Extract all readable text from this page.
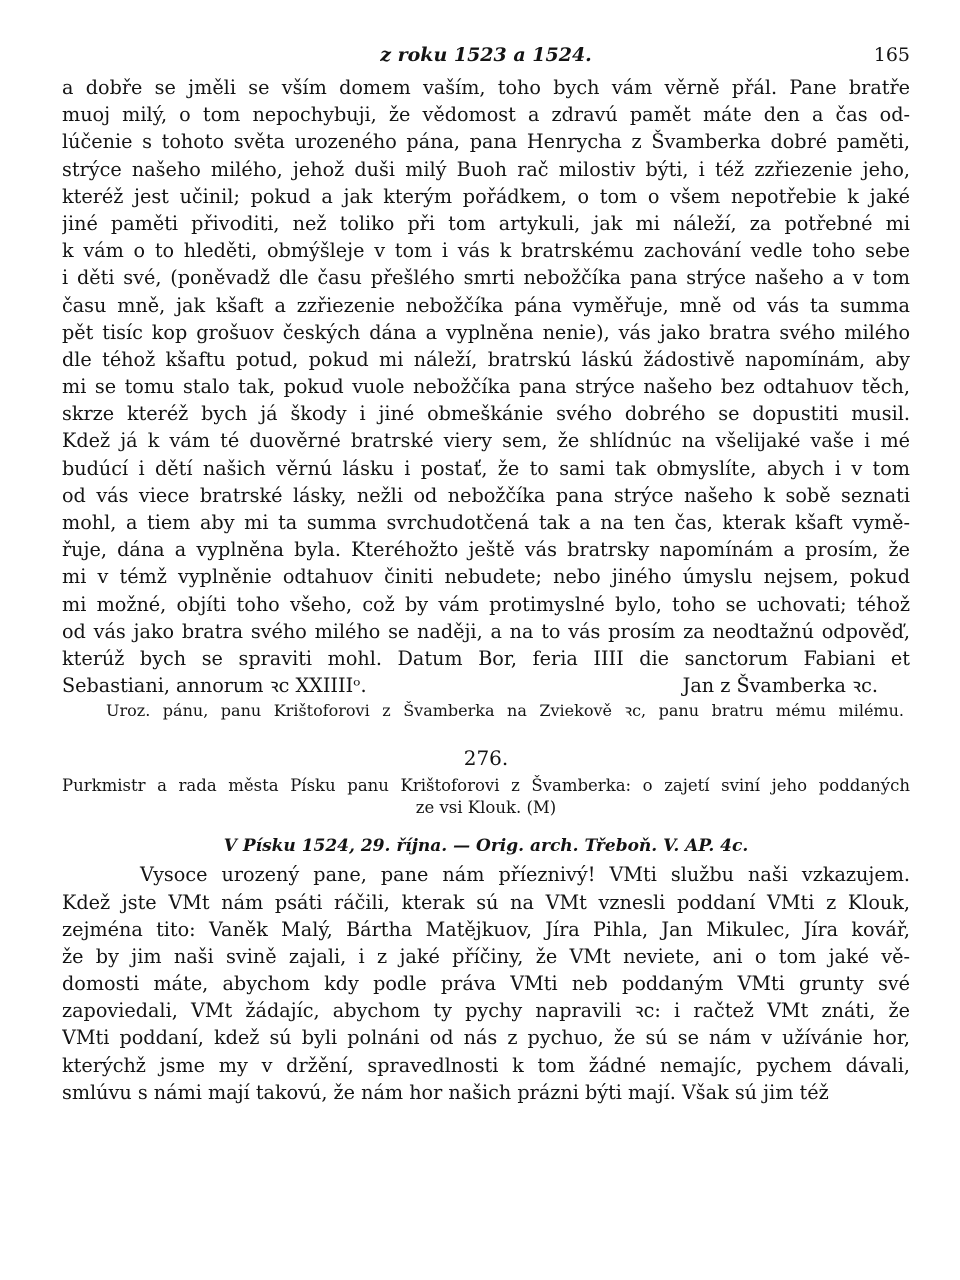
z roku 1523 a 1524.	165
a dobře se jměli se vším domem vaším, toho bych vám věrně přál. Pane bratře
muoj milý, o tom nepochybuji, že vědomost a zdravú pamět máte den a čas od-
lúčenie s tohoto světa urozeného pána, pana Henrycha z Švamberka dobré paměti,
strýce našeho milého, jehož duši milý Buoh rač milostiv býti, i též zzřiezenie jeho,
kteréž jest učinil; pokud a jak kterým pořádkem, o tom o všem nepotřebie k jaké
jiné paměti přivoditi, než toliko při tom artykuli, jak mi náleží, za potřebné mi
k vám o to hleděti, obmýšleje v tom i vás k bratrskému zachování vedle toho sebe
i děti své, (poněvadž dle času přešlého smrti nebožčíka pana strýce našeho a v tom
času mně, jak kšaft a zzřiezenie nebožčíka pána vyměřuje, mně od vás ta summa
pět tisíc kop grošuov českých dána a vyplněna nenie), vás jako bratra svého milého
dle téhož kšaftu potud, pokud mi náleží, bratrskú láskú žádostivě napomínám, aby
mi se tomu stalo tak, pokud vuole nebožčíka pana strýce našeho bez odtahuov těch,
skrze kteréž bych já škody i jiné obmeškánie svého dobrého se dopustiti musil.
Kdež já k vám té duověrné bratrské viery sem, že shlídnúc na všelijaké vaše i mé
budúcí i dětí našich věrnú lásku i postať, že to sami tak obmyslíte, abych i v tom
od vás viece bratrské lásky, nežli od nebožčíka pana strýce našeho k sobě seznati
mohl, a tiem aby mi ta summa svrchudotčená tak a na ten čas, kterak kšaft vymě-
řuje, dána a vyplněna byla. Kteréhožto ještě vás bratrsky napomínám a prosím, že
mi v témž vyplněnie odtahuov činiti nebudete; nebo jiného úmyslu nejsem, pokud
mi možné, objíti toho všeho, což by vám protimyslné bylo, toho se uchovati; téhož
od vás jako bratra svého milého se naději, a na to vás prosím za neodtažnú odpověď,
kterúž bych se spraviti mohl. Datum Bor, feria IIII die sanctorum Fabiani et
Sebastiani, annorum ꝛc XXIIIIᵒ.	Jan z Švamberka ꝛc.
Uroz. pánu, panu Krištoforovi z Švamberka na Zviekově ꝛc, panu bratru mému milému.
276.
Purkmistr a rada města Písku panu Krištoforovi z Švamberka: o zajetí sviní jeho poddaných
ze vsi Klouk. (M)
V Písku 1524, 29. října. — Orig. arch. Třeboň. V. AP. 4c.
Vysoce urozený pane, pane nám příeznivý! VMti službu naši vzkazujem.
Kdež jste VMt nám psáti ráčili, kterak sú na VMt vznesli poddaní VMti z Klouk,
zejména tito: Vaněk Malý, Bártha Matějkuov, Jíra Pihla, Jan Mikulec, Jíra kovář,
že by jim naši svině zajali, i z jaké příčiny, že VMt neviete, ani o tom jaké vě-
domosti máte, abychom kdy podle práva VMti neb poddaným VMti grunty své
zapoviedali, VMt žádajíc, abychom ty pychy napravili ꝛc: i račtež VMt znáti, že
VMti poddaní, kdež sú byli polnáni od nás z pychuo, že sú se nám v užívánie hor,
kterýchž jsme my v držění, spravedlnosti k tom žádné nemajíc, pychem dávali,
smlúvu s námi mají takovú, že nám hor našich prázni býti mají. Však sú jim též
